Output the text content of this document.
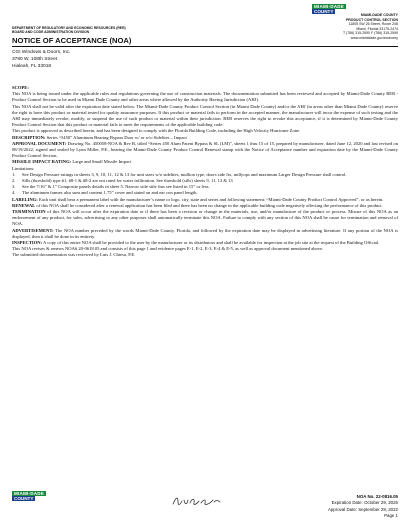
MIAMI-DADE
COUNTY
MIAMI-DADE COUNTY
PRODUCT CONTROL SECTION
11805 SW 26 Street, Room 208
Miami, Florida 33175-2474
T (786) 315-2590 F (786) 315-2599
www.miamidade.gov/economy
DEPARTMENT OF REGULATORY AND ECONOMIC RESOURCES (RER)
BOARD AND CODE ADMINISTRATION DIVISION
NOTICE OF ACCEPTANCE (NOA)
CGI Windows & Doors, Inc.
3780 W, 108th Street
Hialeah, FL 33018

SCOPE:

This NOA is being issued under the applicable rules and regulations governing the use of construction materials. The documentation submitted has been reviewed and accepted by Miami-Dade County RER - Product Control Section to be used in Miami Dade County and other areas where allowed by the Authority Having Jurisdiction (AHJ).

This NOA shall not be valid after the expiration date stated below. The Miami-Dade County Product Control Section (in Miami Dade County) and/or the AHJ (in areas other than Miami Dade County) reserve the right to have this product or material tested for quality assurance purposes. If this product or material fails to perform in the accepted manner, the manufacturer will incur the expense of such testing and the AHJ may immediately revoke, modify, or suspend the use of such product or material within their jurisdiction. RER reserves the right to revoke this acceptance, if it is determined by Miami-Dade County Product Control Section that this product or material fails to meet the requirements of the applicable building code.

This product is approved as described herein, and has been designed to comply with the Florida Building Code, including the High Velocity Hurricane Zone.

DESCRIPTION: Series “5450” Aluminum Bearing Bypass Door w/ or w/o Sidelites – Impact

APPROVAL DOCUMENT: Drawing No. 450058-NOA & Rev B, titled “Series 450 Alum Patent Bypass & SL (LM)”, sheets 1 thru 15 of 15, prepared by manufacturer, dated June 12, 2020 and last revised on 08/19/2022, signed and sealed by Lynn Miller, P.E., bearing the Miami-Dade County Product Control Renewal stamp with the Notice of Acceptance number and expiration date by the Miami-Dade County Product Control Section.

MISSILE IMPACT RATING: Large and Small Missile Impact

Limitations:

1.	See Design Pressure ratings in sheets 3, 9, 10, 11, 12 & 13 for unit sizes w/o sidelites, mullion type, doors side fix, millyops and maximum Larger Design Pressure shall control.
2.	Sills (threshold) type #1, #8-1 & #8-2 are not rated for water infiltration. See threshold (sills) sheets 9, 11, 12 & 13
3.	See the 7/16” & 1” Composite panels details in sheet 5. Narrow stile stile fins see listed in 15” or less.
4.	The aluminum frames also sum and content 1.75” cover and stated on and ear con panel length.

LABELING: Each unit shall bear a permanent label with the manufacturer’s name or logo, city, state and series and following statement: “Miami-Dade County Product Control Approved”, or as herein.

RENEWAL of this NOA shall be considered after a renewal application has been filed and there has been no change in the applicable building code negatively affecting the performance of this product.

TERMINATION of this NOA will occur after the expiration date or if there has been a revision or change in the materials, use, and/or manufacture of the product or process. Misuse of this NOA as an endorsement of any product, for sales, advertising or any other purposes shall automatically terminate this NOA. Failure to comply with any section of this NOA shall be cause for termination and removal of NOA.

ADVERTISEMENT: The NOA number preceded by the words Miami-Dade County, Florida, and followed by the expiration date may be displayed in advertising literature. If any portion of the NOA is displayed, then it shall be done in its entirety.

INSPECTION: A copy of this entire NOA shall be provided to the user by the manufacturer or its distributors and shall be available for inspection at the job site at the request of the Building Official.

This NOA revises & renews NOA# 20-0618.05 and consists of this page 1 and evidence pages E-1, E-2, E-3, E-4 & E-5, as well as approval document mentioned above.

The submitted documentation was reviewed by Luis J. Chiesa, P.E.

MIAMI-DADE
COUNTY	NOA No. 22-0816.05
Expiration Date: October 29, 2026
Approval Date: September 29, 2022
Page 1
